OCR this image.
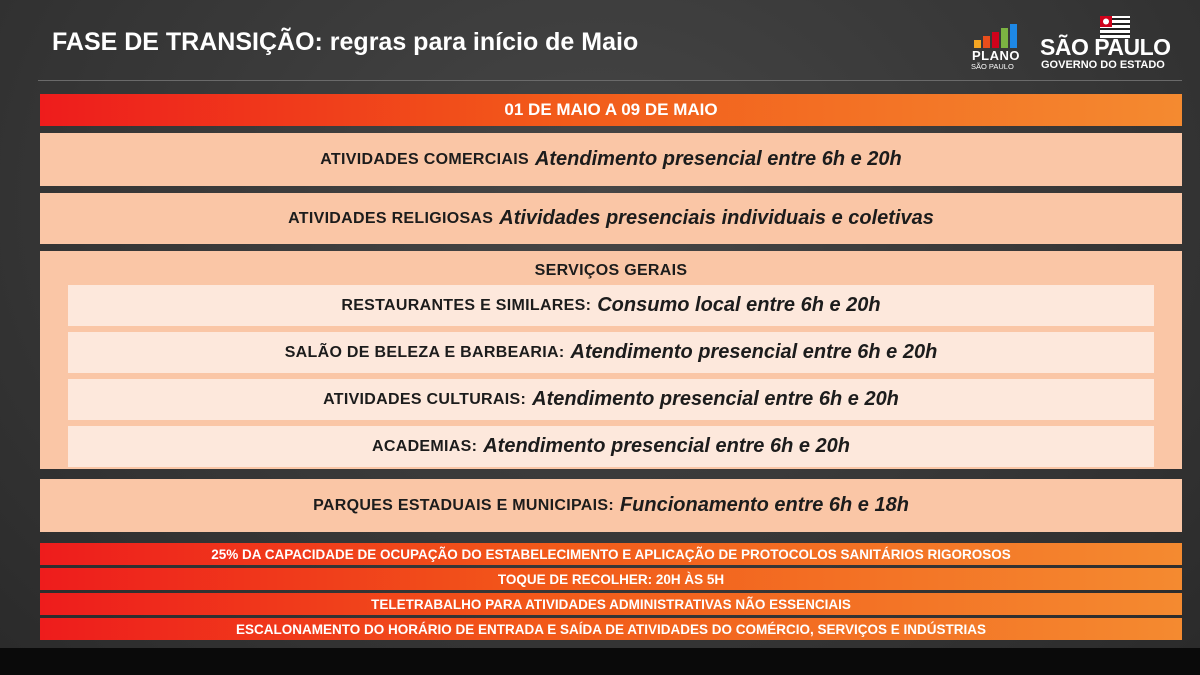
FASE DE TRANSIÇÃO: regras para início de Maio	PLANO
SÃO PAULO
SÃO PAULO
GOVERNO DO ESTADO
01 DE MAIO A 09 DE MAIO
ATIVIDADES COMERCIAIS Atendimento presencial entre 6h e 20h
ATIVIDADES RELIGIOSAS Atividades presenciais individuais e coletivas
SERVIÇOS GERAIS
RESTAURANTES E SIMILARES: Consumo local entre 6h e 20h
SALÃO DE BELEZA E BARBEARIA: Atendimento presencial entre 6h e 20h
ATIVIDADES CULTURAIS: Atendimento presencial entre 6h e 20h
ACADEMIAS: Atendimento presencial entre 6h e 20h
PARQUES ESTADUAIS E MUNICIPAIS: Funcionamento entre 6h e 18h
25% DA CAPACIDADE DE OCUPAÇÃO DO ESTABELECIMENTO E APLICAÇÃO DE PROTOCOLOS SANITÁRIOS RIGOROSOS
TOQUE DE RECOLHER: 20H ÀS 5H
TELETRABALHO PARA ATIVIDADES ADMINISTRATIVAS NÃO ESSENCIAIS
ESCALONAMENTO DO HORÁRIO DE ENTRADA E SAÍDA DE ATIVIDADES DO COMÉRCIO, SERVIÇOS E INDÚSTRIAS
